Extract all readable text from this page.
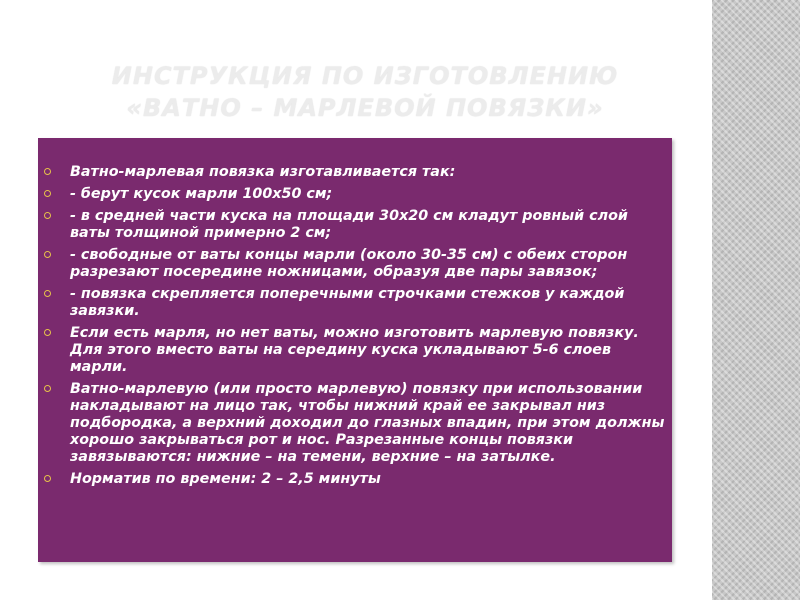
ИНСТРУКЦИЯ ПО ИЗГОТОВЛЕНИЮ
«ВАТНО – МАРЛЕВОЙ ПОВЯЗКИ»
Ватно-марлевая повязка изготавливается так:
- берут кусок марли 100х50 см;
- в средней части куска на площади 30х20 см кладут ровный слой ваты толщиной примерно 2 см;
- свободные от ваты концы марли (около 30-35 см) с обеих сторон разрезают посередине ножницами, образуя две пары завязок;
- повязка скрепляется поперечными строчками стежков у каждой завязки.
Если есть марля, но нет ваты, можно изготовить марлевую повязку. Для этого вместо ваты на середину куска укладывают 5-6 слоев марли.
Ватно-марлевую (или просто марлевую) повязку при использовании накладывают на лицо так, чтобы нижний край ее закрывал низ подбородка, а верхний доходил до глазных впадин, при этом должны хорошо закрываться рот и нос. Разрезанные концы повязки завязываются: нижние – на темени, верхние – на затылке.
Норматив по времени: 2 – 2,5 минуты
